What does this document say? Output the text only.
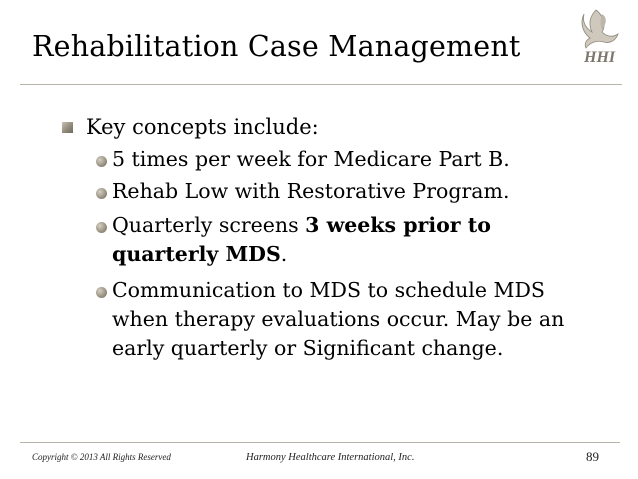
Rehabilitation Case Management	HHI
Key concepts include:
5 times per week for Medicare Part B.
Rehab Low with Restorative Program.
Quarterly screens 3 weeks prior to
quarterly MDS.
Communication to MDS to schedule MDS
when therapy evaluations occur. May be an
early quarterly or Significant change.
Copyright © 2013 All Rights Reserved	Harmony Healthcare International, Inc.	89
